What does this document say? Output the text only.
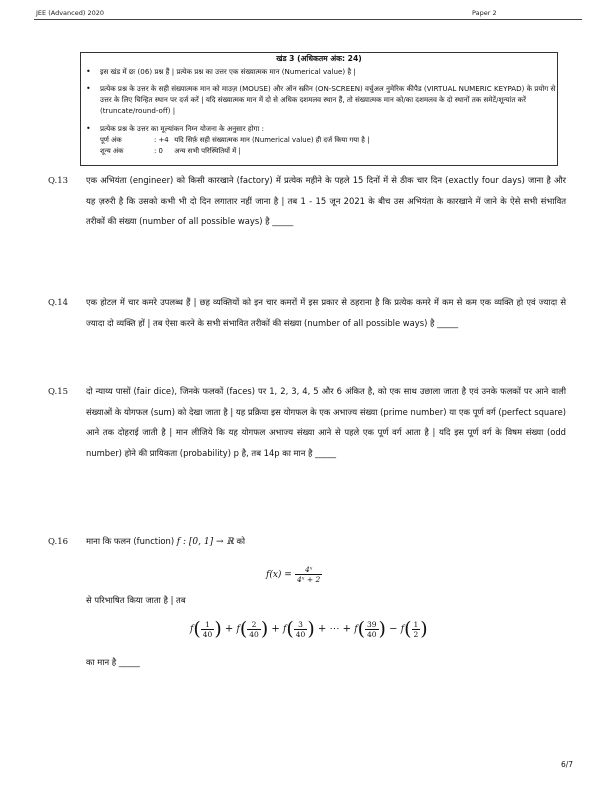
JEE (Advanced) 2020	Paper 2
खंड 3 (अधिकतम अंक: 24)
• इस खंड में छः (06) प्रश्न हैं | प्रत्येक प्रश्न का उत्तर एक संख्यात्मक मान (Numerical value) है |
• प्रत्येक प्रश्न के उत्तर के सही संख्यात्मक मान को माउज़ (MOUSE) और ऑन स्क्रीन (ON-SCREEN) वर्चुअल नुमेरिक कीपैड (VIRTUAL NUMERIC KEYPAD) के प्रयोग से उत्तर के लिए चिन्हित स्थान पर दर्ज करें | यदि संख्यात्मक मान में दो से अधिक दशमलव स्थान हैं, तो संख्यात्मक मान को/का दशमलव के दो स्थानों तक समेटें/शून्यांत करें (truncate/round-off) |
• प्रत्येक प्रश्न के उत्तर का मूल्यांकन निम्न योजना के अनुसार होगा :
पूर्ण अंक	: +4 यदि सिर्फ़ सही संख्यात्मक मान (Numerical value) ही दर्ज किया गया है |
शून्य अंक	: 0 अन्य सभी परिस्थितियों में |
Q.13 एक अभियंता (engineer) को किसी कारखाने (factory) में प्रत्येक महीने के पहले 15 दिनों में से ठीक चार दिन (exactly four days) जाना है और यह ज़रुरी है कि उसको कभी भी दो दिन लगातार नहीं जाना है | तब 1 - 15 जून 2021 के बीच उस अभियंता के कारखाने में जाने के ऐसे सभी संभावित तरीकों की संख्या (number of all possible ways) है _____
Q.14 एक होटल में चार कमरे उपलब्ध हैं | छह व्यक्तियों को इन चार कमरों में इस प्रकार से ठहराना है कि प्रत्येक कमरे में कम से कम एक व्यक्ति हो एवं ज्यादा से ज्यादा दो व्यक्ति हों | तब ऐसा करने के सभी संभावित तरीकों की संख्या (number of all possible ways) है _____
Q.15 दो न्याय्य पासों (fair dice), जिनके फलकों (faces) पर 1, 2, 3, 4, 5 और 6 अंकित है, को एक साथ उछाला जाता है एवं उनके फलकों पर आने वाली संख्याओं के योगफल (sum) को देखा जाता है | यह प्रक्रिया इस योगफल के एक अभाज्य संख्या (prime number) या एक पूर्ण वर्ग (perfect square) आने तक दोहराई जाती है | मान लीजिये कि यह योगफल अभाज्य संख्या आने से पहले एक पूर्ण वर्ग आता है | यदि इस पूर्ण वर्ग के विषम संख्या (odd number) होने की प्रायिकता (probability) p है, तब 14p का मान है _____
Q.16 माना कि फलन (function) f : [0, 1] → ℝ को
$f(x) = \frac{\text{4ˣ}}{\text{4ˣ + 2}}$
से परिभाषित किया जाता है | तब
$f( \frac{1}{40}$ ) + $f( \frac{2}{40}$ ) + $f( \frac{3}{40}$ ) + ⋯ + $f( \frac{39}{40}$ ) − $f( \frac{1}{2}$ )
का मान है _____
6/7
